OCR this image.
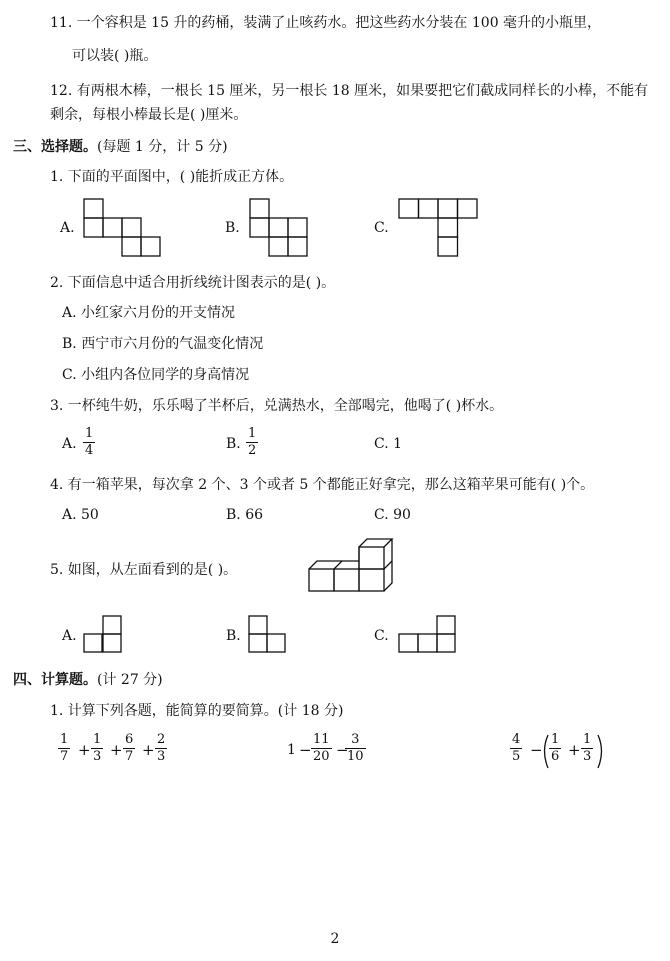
11. 一个容积是 15 升的药桶，装满了止咳药水。把这些药水分装在 100 毫升的小瓶里，
可以装( )瓶。
12. 有两根木棒，一根长 15 厘米，另一根长 18 厘米，如果要把它们截成同样长的小棒，不能有
剩余，每根小棒最长是( )厘米。
三、选择题。(每题 1 分，计 5 分)
1. 下面的平面图中，( )能折成正方体。
A.	B.	C.
2. 下面信息中适合用折线统计图表示的是( )。
A. 小红家六月份的开支情况
B. 西宁市六月份的气温变化情况
C. 小组内各位同学的身高情况
3. 一杯纯牛奶，乐乐喝了半杯后，兑满热水，全部喝完，他喝了( )杯水。
A.
1
4	B.
1
2	C. 1
4. 有一箱苹果，每次拿 2 个、3 个或者 5 个都能正好拿完，那么这箱苹果可能有( )个。
A. 50	B. 66	C. 90
5. 如图，从左面看到的是( )。
A.	B.	C.
四、计算题。(计 27 分)
1. 计算下列各题，能简算的要简算。(计 18 分)
1
7 +
1
3 +
6
7 +
2
3	1 −
11
20 −
3
10
4
5 −
1
6 +
1
3
2
